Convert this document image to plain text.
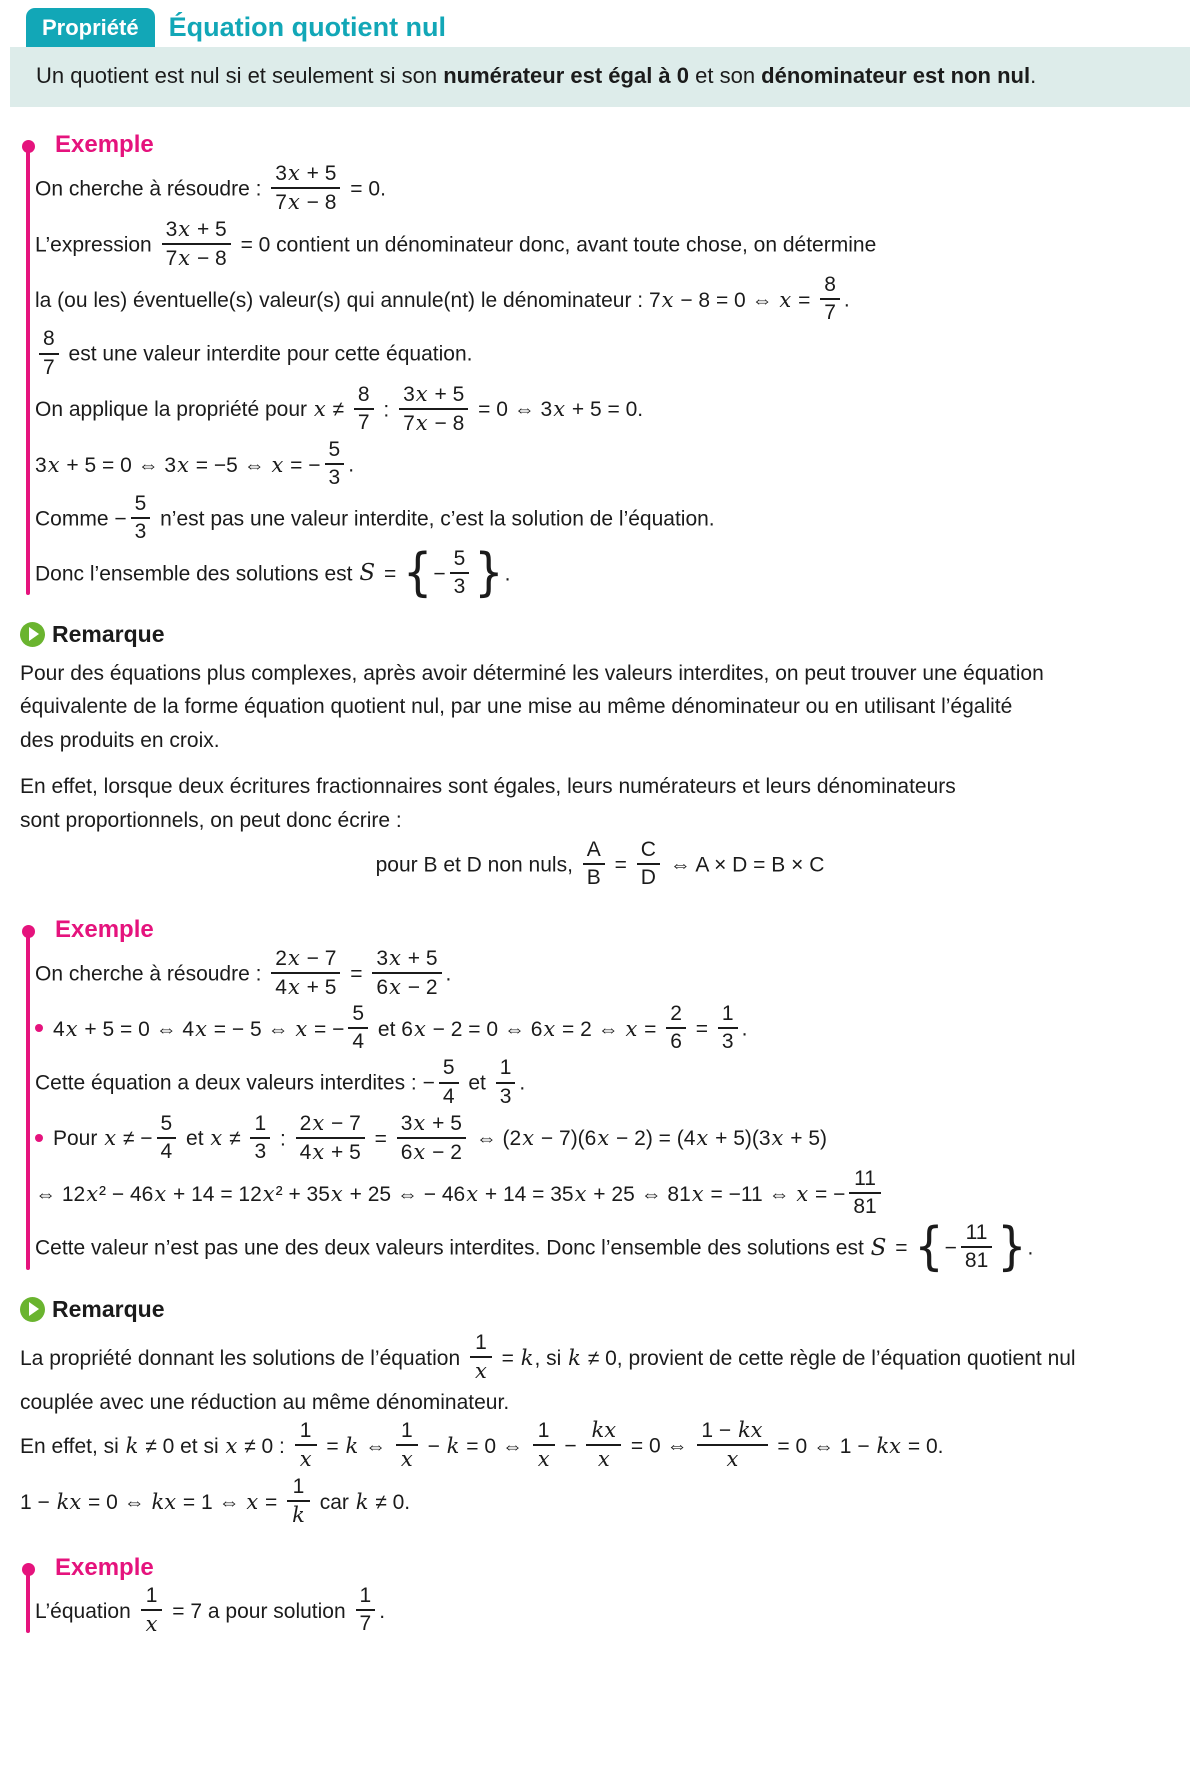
Propriété	Équation quotient nul

Un quotient est nul si et seulement si son numérateur est égal à 0 et son dénominateur est non nul.

Exemple
On cherche à résoudre : $\frac{3x + 5}{7x - 8} = 0$.
L’expression $\frac{3x + 5}{7x - 8} = 0$ contient un dénominateur donc, avant toute chose, on détermine
la (ou les) éventuelle(s) valeur(s) qui annule(nt) le dénominateur : 7x − 8 = 0 ⇔ $x = \frac{8}{7}$ .
$\frac{8}{7}$ est une valeur interdite pour cette équation.
On applique la propriété pour $x \ne \frac{8}{7}$ : $\frac{3x + 5}{7x - 8} = 0$ ⇔ 3x + 5 = 0.
3x + 5 = 0 ⇔ 3x = −5 ⇔ x = − $\frac{5}{3}$ .
Comme − $\frac{5}{3}$ n’est pas une valeur interdite, c’est la solution de l’équation.
Donc l’ensemble des solutions est S = {− $\frac{5}{3}$ }.
Remarque
Pour des équations plus complexes, après avoir déterminé les valeurs interdites, on peut trouver une équation
équivalente de la forme équation quotient nul, par une mise au même dénominateur ou en utilisant l’égalité
des produits en croix.
En effet, lorsque deux écritures fractionnaires sont égales, leurs numérateurs et leurs dénominateurs
sont proportionnels, on peut donc écrire :
pour B et D non nuls, $\frac{A}{B} = \frac{C}{D}$ ⇔ A × D = B × C
Exemple
On cherche à résoudre : $\frac{2x - 7}{4x + 5} = \frac{3x + 5}{6x - 2}$ .
4x + 5 = 0 ⇔ 4x = − 5 ⇔ x = − $\frac{5}{4}$ et 6x − 2 = 0 ⇔ 6x = 2 ⇔ $x = \frac{2}{6} = \frac{1}{3}$ .
Cette équation a deux valeurs interdites : − $\frac{5}{4}$ et $\frac{1}{3}$ .
Pour x ≠ − $\frac{5}{4}$ et $x \ne \frac{1}{3}$ : $\frac{2x - 7}{4x + 5} = \frac{3x + 5}{6x - 2}$ ⇔ (2x − 7)(6x − 2) = (4x + 5)(3x + 5)
⇔ 12x² − 46x + 14 = 12x² + 35x + 25 ⇔ − 46x + 14 = 35x + 25 ⇔ 81x = −11 ⇔ x = − $\frac{11}{81}$
Cette valeur n’est pas une des deux valeurs interdites. Donc l’ensemble des solutions est S = {− $\frac{11}{81}$ }.
Remarque
La propriété donnant les solutions de l’équation $\frac{1}{x} = k$, si k ≠ 0, provient de cette règle de l’équation quotient nul
couplée avec une réduction au même dénominateur.
En effet, si k ≠ 0 et si x ≠ 0 : $\frac{1}{x} = k$ ⇔ $\frac{1}{x} - k = 0$ ⇔ $\frac{1}{x} - \frac{kx}{x} = 0$ ⇔ $\frac{1 - kx}{x} = 0$ ⇔ 1 − kx = 0.
1 − kx = 0 ⇔ kx = 1 ⇔ $x = \frac{1}{k}$ car k ≠ 0.
Exemple
L’équation $\frac{1}{x} = 7$ a pour solution $\frac{1}{7}$ .
